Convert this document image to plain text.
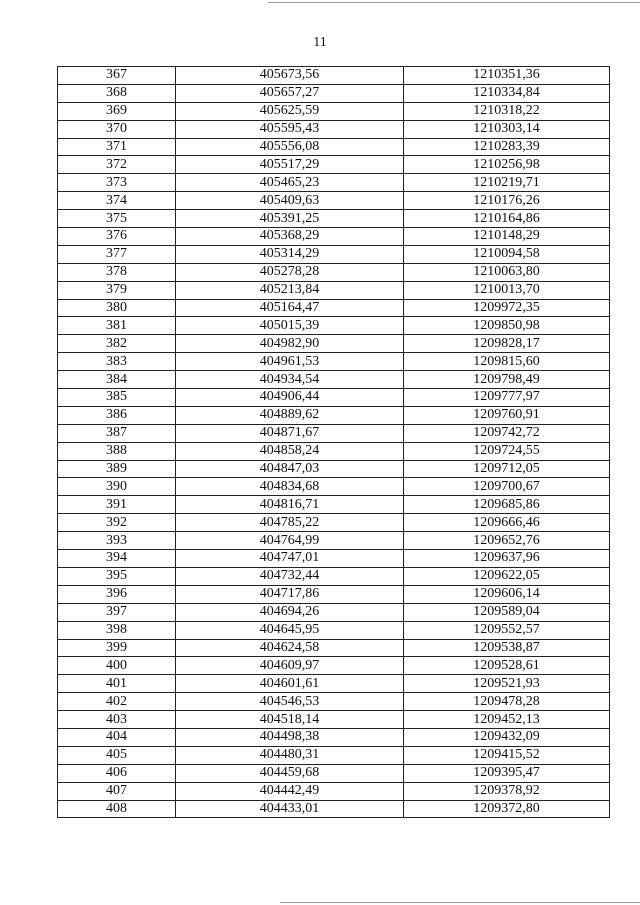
11
367	405673,56	1210351,36
368	405657,27	1210334,84
369	405625,59	1210318,22
370	405595,43	1210303,14
371	405556,08	1210283,39
372	405517,29	1210256,98
373	405465,23	1210219,71
374	405409,63	1210176,26
375	405391,25	1210164,86
376	405368,29	1210148,29
377	405314,29	1210094,58
378	405278,28	1210063,80
379	405213,84	1210013,70
380	405164,47	1209972,35
381	405015,39	1209850,98
382	404982,90	1209828,17
383	404961,53	1209815,60
384	404934,54	1209798,49
385	404906,44	1209777,97
386	404889,62	1209760,91
387	404871,67	1209742,72
388	404858,24	1209724,55
389	404847,03	1209712,05
390	404834,68	1209700,67
391	404816,71	1209685,86
392	404785,22	1209666,46
393	404764,99	1209652,76
394	404747,01	1209637,96
395	404732,44	1209622,05
396	404717,86	1209606,14
397	404694,26	1209589,04
398	404645,95	1209552,57
399	404624,58	1209538,87
400	404609,97	1209528,61
401	404601,61	1209521,93
402	404546,53	1209478,28
403	404518,14	1209452,13
404	404498,38	1209432,09
405	404480,31	1209415,52
406	404459,68	1209395,47
407	404442,49	1209378,92
408	404433,01	1209372,80
